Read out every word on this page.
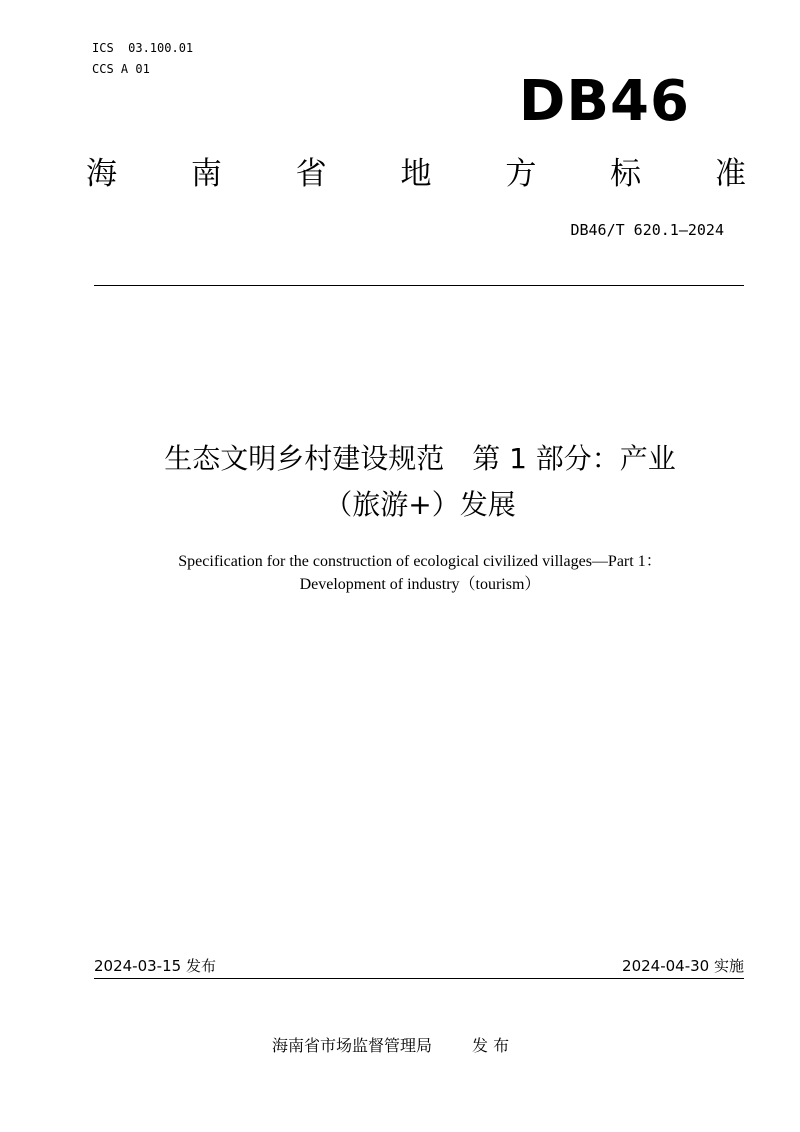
ICS  03.100.01
CCS A 01	DB46
海 南 省 地 方 标 准
DB46/T 620.1—2024
生态文明乡村建设规范　第 1 部分：产业
（旅游+）发展
Specification for the construction of ecological civilized villages—Part 1：
Development of industry（tourism）
2024-03-15 发布	2024-04-30 实施
海南省市场监督管理局	发 布
